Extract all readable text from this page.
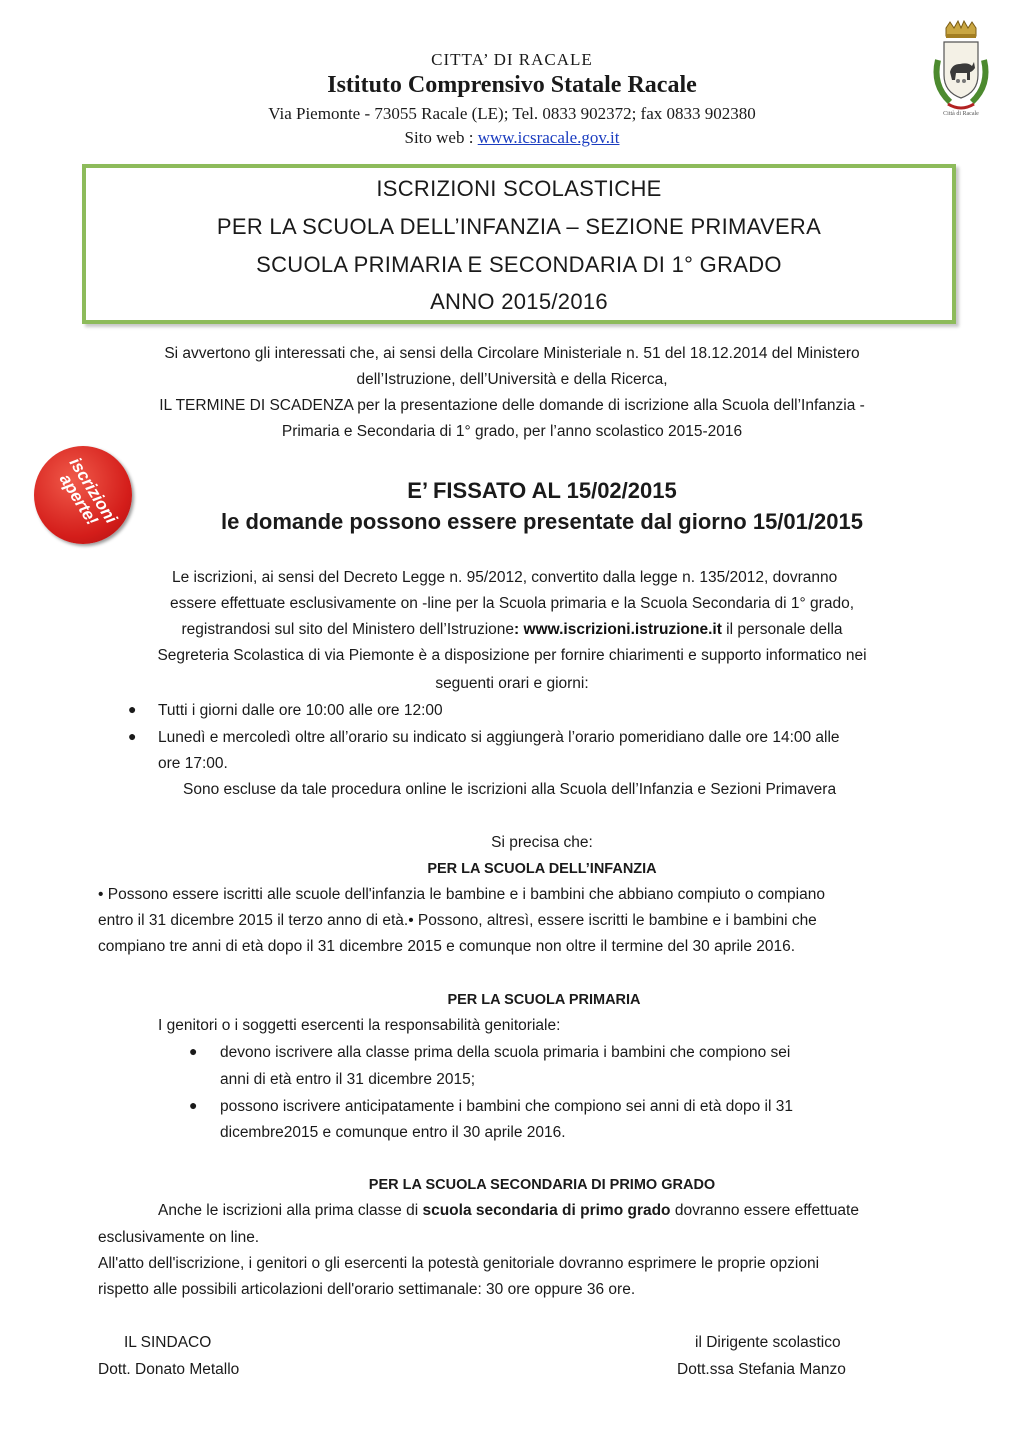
CITTA’ DI RACALE
Istituto Comprensivo Statale Racale
Via Piemonte - 73055 Racale (LE); Tel. 0833 902372; fax 0833 902380
Sito web : www.icsracale.gov.it
Città di Racale
ISCRIZIONI SCOLASTICHE
PER LA SCUOLA DELL’INFANZIA – SEZIONE PRIMAVERA
SCUOLA PRIMARIA E SECONDARIA DI 1° GRADO
ANNO 2015/2016
Si avvertono gli interessati che, ai sensi della Circolare Ministeriale n. 51 del 18.12.2014 del Ministero
dell’Istruzione, dell’Università e della Ricerca,
IL TERMINE DI SCADENZA per la presentazione delle domande di iscrizione alla Scuola dell’Infanzia -
Primaria e Secondaria di 1° grado, per l’anno scolastico 2015-2016
iscrizioni aperte!	E’ FISSATO AL 15/02/2015
le domande possono essere presentate dal giorno 15/01/2015
Le iscrizioni, ai sensi del Decreto Legge n. 95/2012, convertito dalla legge n. 135/2012, dovranno
essere effettuate esclusivamente on -line per la Scuola primaria e la Scuola Secondaria di 1° grado,
registrandosi sul sito del Ministero dell’Istruzione: www.iscrizioni.istruzione.it il personale della
Segreteria Scolastica di via Piemonte è a disposizione per fornire chiarimenti e supporto informatico nei
seguenti orari e giorni:
● Tutti i giorni dalle ore 10:00 alle ore 12:00
● Lunedì e mercoledì oltre all’orario su indicato si aggiungerà l’orario pomeridiano dalle ore 14:00 alle
ore 17:00.
Sono escluse da tale procedura online le iscrizioni alla Scuola dell’Infanzia e Sezioni Primavera
Si precisa che:
PER LA SCUOLA DELL’INFANZIA
• Possono essere iscritti alle scuole dell'infanzia le bambine e i bambini che abbiano compiuto o compiano
entro il 31 dicembre 2015 il terzo anno di età.• Possono, altresì, essere iscritti le bambine e i bambini che
compiano tre anni di età dopo il 31 dicembre 2015 e comunque non oltre il termine del 30 aprile 2016.
PER LA SCUOLA PRIMARIA
I genitori o i soggetti esercenti la responsabilità genitoriale:
● devono iscrivere alla classe prima della scuola primaria i bambini che compiono sei
anni di età entro il 31 dicembre 2015;
● possono iscrivere anticipatamente i bambini che compiono sei anni di età dopo il 31
dicembre2015 e comunque entro il 30 aprile 2016.
PER LA SCUOLA SECONDARIA DI PRIMO GRADO
Anche le iscrizioni alla prima classe di scuola secondaria di primo grado dovranno essere effettuate
esclusivamente on line.
All'atto dell'iscrizione, i genitori o gli esercenti la potestà genitoriale dovranno esprimere le proprie opzioni
rispetto alle possibili articolazioni dell'orario settimanale: 30 ore oppure 36 ore.
IL SINDACO
Dott. Donato Metallo
il Dirigente scolastico
Dott.ssa Stefania Manzo
